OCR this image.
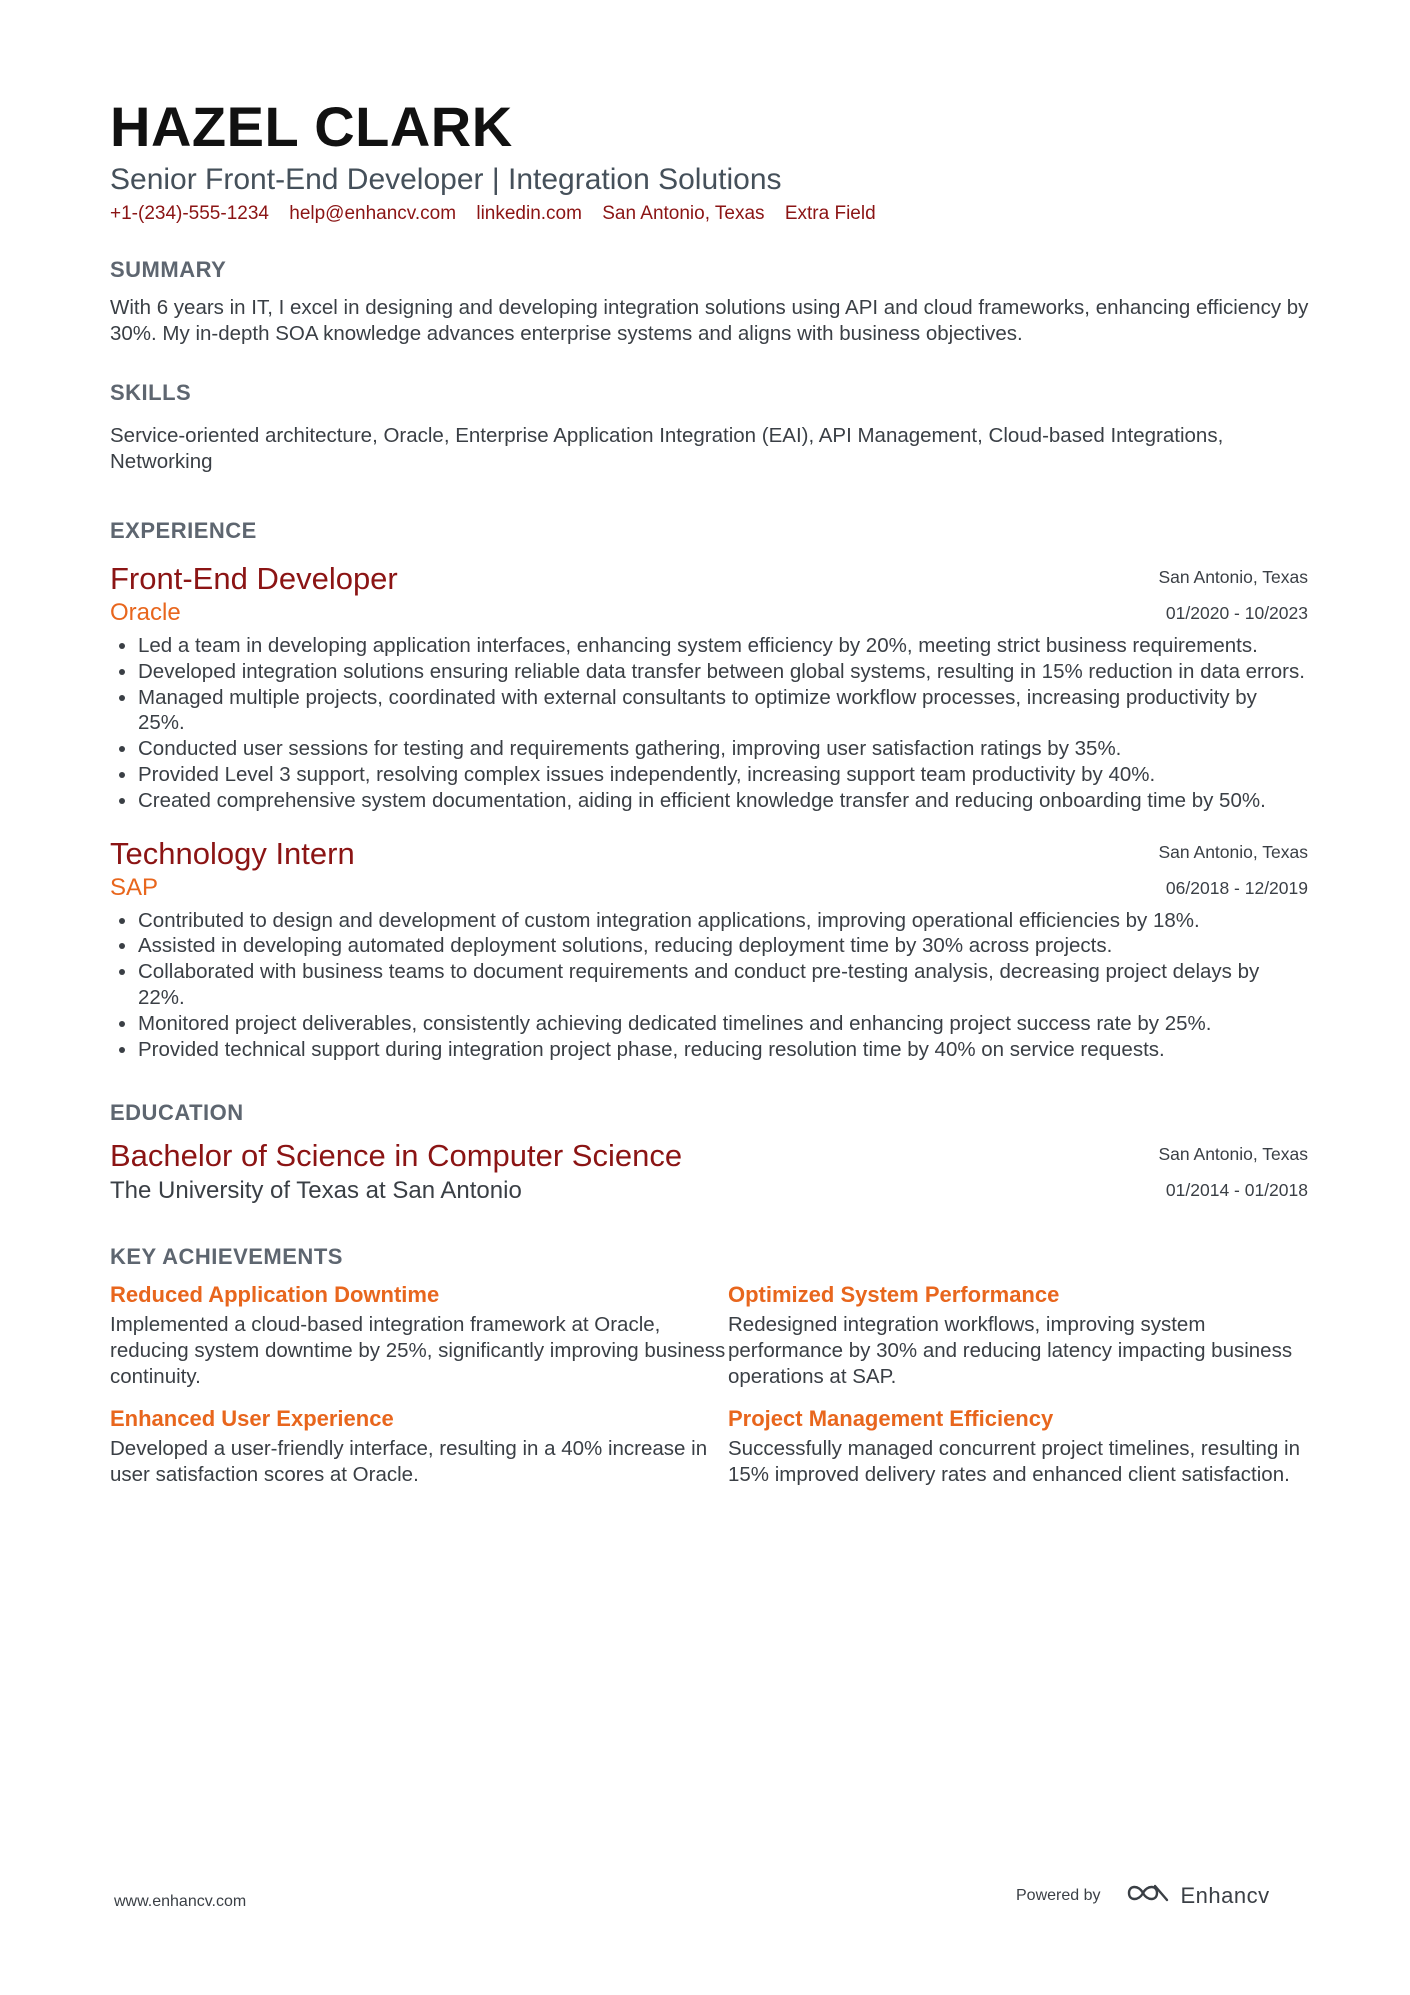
HAZEL CLARK
Senior Front-End Developer | Integration Solutions
+1-(234)-555-1234 help@enhancv.com linkedin.com San Antonio, Texas Extra Field
SUMMARY
With 6 years in IT, I excel in designing and developing integration solutions using API and cloud frameworks, enhancing efficiency by 30%. My in-depth SOA knowledge advances enterprise systems and aligns with business objectives.
SKILLS
Service-oriented architecture, Oracle, Enterprise Application Integration (EAI), API Management, Cloud-based Integrations, Networking
EXPERIENCE
Front-End Developer
Oracle
San Antonio, Texas
01/2020 - 10/2023
• Led a team in developing application interfaces, enhancing system efficiency by 20%, meeting strict business requirements.
• Developed integration solutions ensuring reliable data transfer between global systems, resulting in 15% reduction in data errors.
• Managed multiple projects, coordinated with external consultants to optimize workflow processes, increasing productivity by 25%.
• Conducted user sessions for testing and requirements gathering, improving user satisfaction ratings by 35%.
• Provided Level 3 support, resolving complex issues independently, increasing support team productivity by 40%.
• Created comprehensive system documentation, aiding in efficient knowledge transfer and reducing onboarding time by 50%.
Technology Intern
SAP
San Antonio, Texas
06/2018 - 12/2019
• Contributed to design and development of custom integration applications, improving operational efficiencies by 18%.
• Assisted in developing automated deployment solutions, reducing deployment time by 30% across projects.
• Collaborated with business teams to document requirements and conduct pre-testing analysis, decreasing project delays by 22%.
• Monitored project deliverables, consistently achieving dedicated timelines and enhancing project success rate by 25%.
• Provided technical support during integration project phase, reducing resolution time by 40% on service requests.
EDUCATION
Bachelor of Science in Computer Science
The University of Texas at San Antonio
San Antonio, Texas
01/2014 - 01/2018
KEY ACHIEVEMENTS
Reduced Application Downtime
Implemented a cloud-based integration framework at Oracle, reducing system downtime by 25%, significantly improving business continuity.
Optimized System Performance
Redesigned integration workflows, improving system performance by 30% and reducing latency impacting business operations at SAP.
Enhanced User Experience
Developed a user-friendly interface, resulting in a 40% increase in user satisfaction scores at Oracle.
Project Management Efficiency
Successfully managed concurrent project timelines, resulting in 15% improved delivery rates and enhanced client satisfaction.
www.enhancv.com	Powered by	Enhancv
